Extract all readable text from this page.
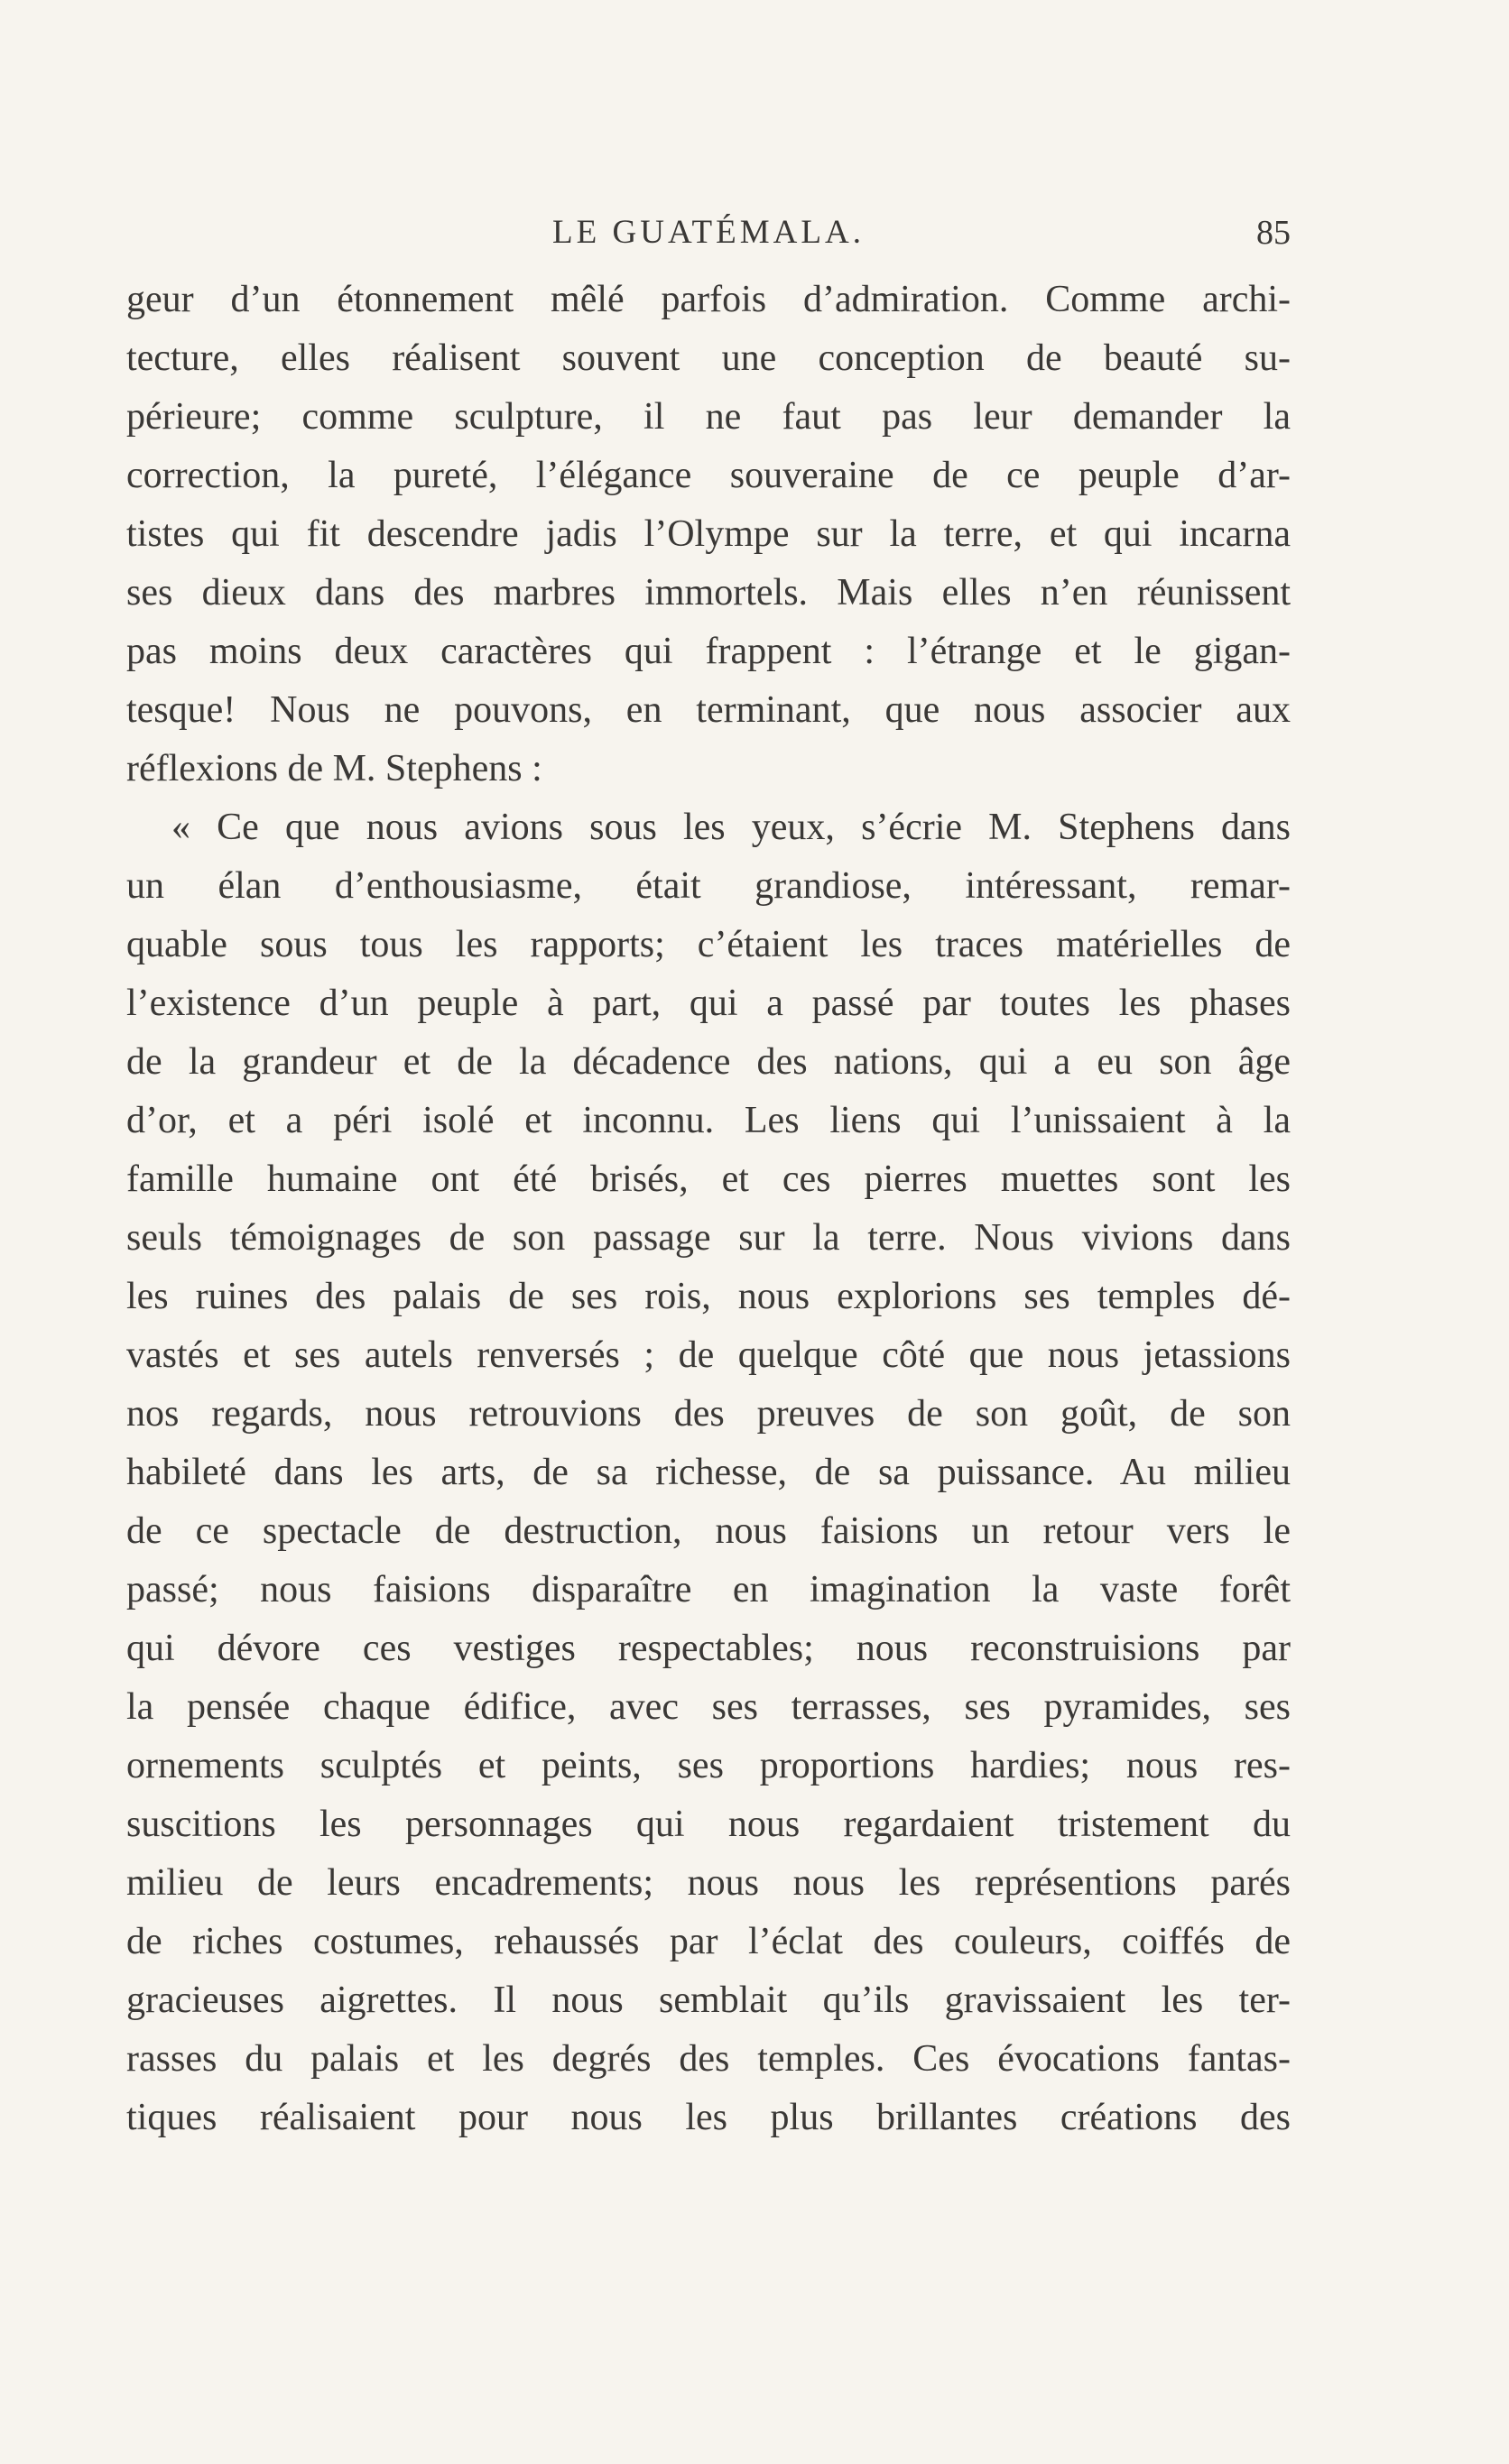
LE GUATÉMALA.	85
geur d’un étonnement mêlé parfois d’admiration. Comme archi-
tecture, elles réalisent souvent une conception de beauté su-
périeure; comme sculpture, il ne faut pas leur demander la
correction, la pureté, l’élégance souveraine de ce peuple d’ar-
tistes qui fit descendre jadis l’Olympe sur la terre, et qui incarna
ses dieux dans des marbres immortels. Mais elles n’en réunissent
pas moins deux caractères qui frappent : l’étrange et le gigan-
tesque! Nous ne pouvons, en terminant, que nous associer aux
réflexions de M. Stephens :
« Ce que nous avions sous les yeux, s’écrie M. Stephens dans
un élan d’enthousiasme, était grandiose, intéressant, remar-
quable sous tous les rapports; c’étaient les traces matérielles de
l’existence d’un peuple à part, qui a passé par toutes les phases
de la grandeur et de la décadence des nations, qui a eu son âge
d’or, et a péri isolé et inconnu. Les liens qui l’unissaient à la
famille humaine ont été brisés, et ces pierres muettes sont les
seuls témoignages de son passage sur la terre. Nous vivions dans
les ruines des palais de ses rois, nous explorions ses temples dé-
vastés et ses autels renversés ; de quelque côté que nous jetassions
nos regards, nous retrouvions des preuves de son goût, de son
habileté dans les arts, de sa richesse, de sa puissance. Au milieu
de ce spectacle de destruction, nous faisions un retour vers le
passé; nous faisions disparaître en imagination la vaste forêt
qui dévore ces vestiges respectables; nous reconstruisions par
la pensée chaque édifice, avec ses terrasses, ses pyramides, ses
ornements sculptés et peints, ses proportions hardies; nous res-
suscitions les personnages qui nous regardaient tristement du
milieu de leurs encadrements; nous nous les représentions parés
de riches costumes, rehaussés par l’éclat des couleurs, coiffés de
gracieuses aigrettes. Il nous semblait qu’ils gravissaient les ter-
rasses du palais et les degrés des temples. Ces évocations fantas-
tiques réalisaient pour nous les plus brillantes créations des
